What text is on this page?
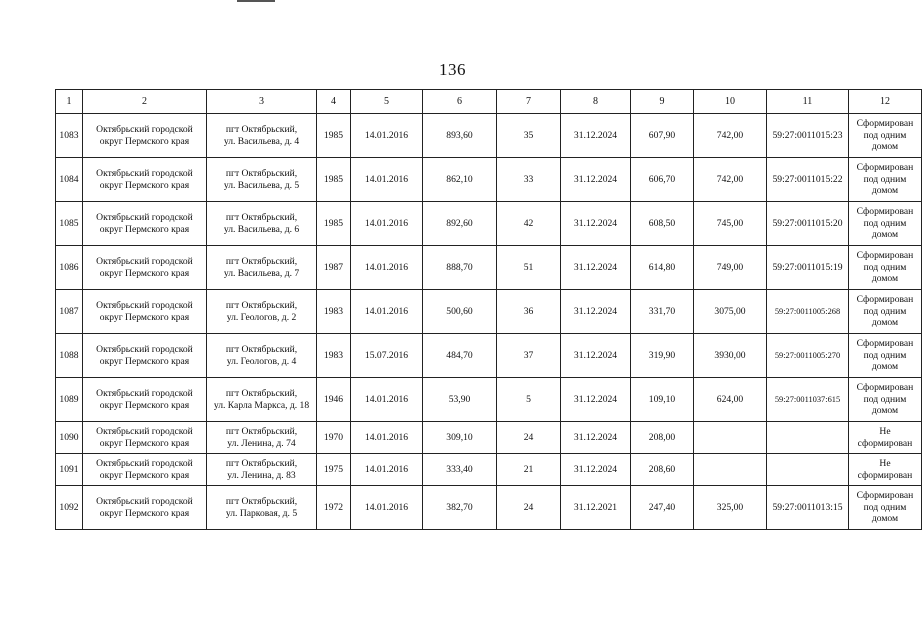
136
1	2	3	4	5	6	7	8	9	10	11	12
1083	Октябрьский городской
округ Пермского края	пгт Октябрьский,
ул. Васильева, д. 4	1985	14.01.2016	893,60	35	31.12.2024	607,90	742,00	59:27:0011015:23	Сформирован
под одним
домом

1084	Октябрьский городской
округ Пермского края	пгт Октябрьский,
ул. Васильева, д. 5	1985	14.01.2016	862,10	33	31.12.2024	606,70	742,00	59:27:0011015:22	Сформирован
под одним
домом

1085	Октябрьский городской
округ Пермского края	пгт Октябрьский,
ул. Васильева, д. 6	1985	14.01.2016	892,60	42	31.12.2024	608,50	745,00	59:27:0011015:20	Сформирован
под одним
домом

1086	Октябрьский городской
округ Пермского края	пгт Октябрьский,
ул. Васильева, д. 7	1987	14.01.2016	888,70	51	31.12.2024	614,80	749,00	59:27:0011015:19	Сформирован
под одним
домом

1087	Октябрьский городской
округ Пермского края	пгт Октябрьский,
ул. Геологов, д. 2	1983	14.01.2016	500,60	36	31.12.2024	331,70	3075,00	59:27:0011005:268	Сформирован
под одним
домом

1088	Октябрьский городской
округ Пермского края	пгт Октябрьский,
ул. Геологов, д. 4	1983	15.07.2016	484,70	37	31.12.2024	319,90	3930,00	59:27:0011005:270	Сформирован
под одним
домом

1089	Октябрьский городской
округ Пермского края	пгт Октябрьский,
ул. Карла Маркса, д. 18	1946	14.01.2016	53,90	5	31.12.2024	109,10	624,00	59:27:0011037:615	Сформирован
под одним
домом

1090	Октябрьский городской
округ Пермского края	пгт Октябрьский,
ул. Ленина, д. 74	1970	14.01.2016	309,10	24	31.12.2024	208,00			Не сформирован

1091	Октябрьский городской
округ Пермского края	пгт Октябрьский,
ул. Ленина, д. 83	1975	14.01.2016	333,40	21	31.12.2024	208,60			Не сформирован

1092	Октябрьский городской
округ Пермского края	пгт Октябрьский,
ул. Парковая, д. 5	1972	14.01.2016	382,70	24	31.12.2021	247,40	325,00	59:27:0011013:15	Сформирован
под одним
домом
